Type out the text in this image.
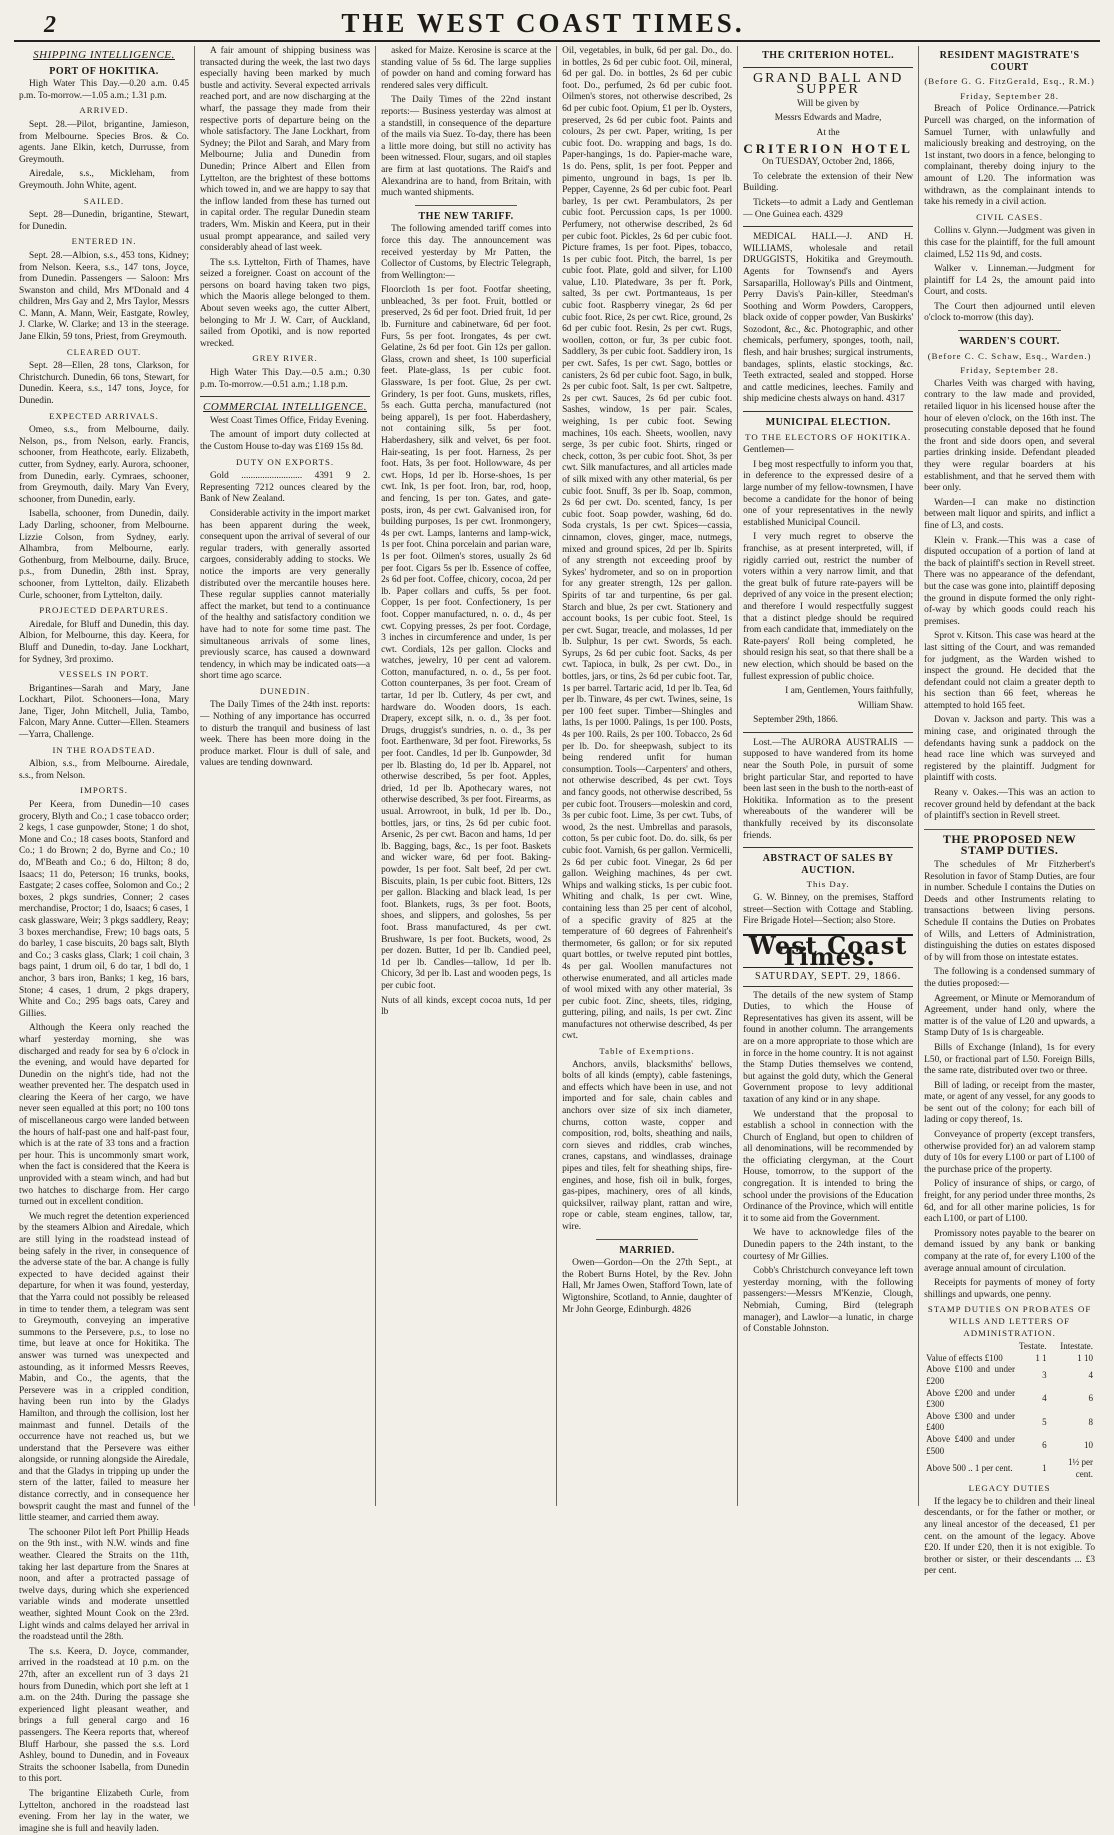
2	THE WEST COAST TIMES.
SHIPPING INTELLIGENCE.
PORT OF HOKITIKA.

High Water This Day.—0.20 a.m. 0.45 p.m. To-morrow.—1.05 a.m.; 1.31 p.m.

ARRIVED.

Sept. 28.—Pilot, brigantine, Jamieson, from Melbourne. Species Bros. & Co. agents. Jane Elkin, ketch, Durrusse, from Greymouth.

Airedale, s.s., Mickleham, from Greymouth. John White, agent.

SAILED.

Sept. 28—Dunedin, brigantine, Stewart, for Dunedin.

ENTERED IN.

Sept. 28.—Albion, s.s., 453 tons, Kidney; from Nelson. Keera, s.s., 147 tons, Joyce, from Dunedin. Passengers — Saloon: Mrs Swanston and child, Mrs M'Donald and 4 children, Mrs Gay and 2, Mrs Taylor, Messrs C. Mann, A. Mann, Weir, Eastgate, Rowley, J. Clarke, W. Clarke; and 13 in the steerage. Jane Elkin, 59 tons, Priest, from Greymouth.

CLEARED OUT.

Sept. 28—Ellen, 28 tons, Clarkson, for Christchurch. Dunedin, 66 tons, Stewart, for Dunedin. Keera, s.s., 147 tons, Joyce, for Dunedin.

EXPECTED ARRIVALS.

Omeo, s.s., from Melbourne, daily. Nelson, ps., from Nelson, early. Francis, schooner, from Heathcote, early. Elizabeth, cutter, from Sydney, early. Aurora, schooner, from Dunedin, early. Cymraes, schooner, from Greymouth, daily. Mary Van Every, schooner, from Dunedin, early.

Isabella, schooner, from Dunedin, daily. Lady Darling, schooner, from Melbourne. Lizzie Colson, from Sydney, early. Alhambra, from Melbourne, early. Gothenburg, from Melbourne, daily. Bruce, p.s., from Dunedin, 28th inst. Spray, schooner, from Lyttelton, daily. Elizabeth Curle, schooner, from Lyttelton, daily.

PROJECTED DEPARTURES.

Airedale, for Bluff and Dunedin, this day. Albion, for Melbourne, this day. Keera, for Bluff and Dunedin, to-day. Jane Lockhart, for Sydney, 3rd proximo.

VESSELS IN PORT.

Brigantines—Sarah and Mary, Jane Lockhart, Pilot. Schooners—Iona, Mary Jane, Tiger, John Mitchell, Julia, Tambo, Falcon, Mary Anne. Cutter—Ellen. Steamers—Yarra, Challenge.

IN THE ROADSTEAD.

Albion, s.s., from Melbourne. Airedale, s.s., from Nelson.

IMPORTS.

Per Keera, from Dunedin—10 cases grocery, Blyth and Co.; 1 case tobacco order; 2 kegs, 1 case gunpowder, Stone; 1 do shot, Mone and Co.; 18 cases boots, Stanford and Co.; 1 do Brown; 2 do, Byrne and Co.; 10 do, M'Beath and Co.; 6 do, Hilton; 8 do, Isaacs; 11 do, Peterson; 16 trunks, books, Eastgate; 2 cases coffee, Solomon and Co.; 2 boxes, 2 pkgs sundries, Conner; 2 cases merchandise, Proctor; 1 do, Isaacs; 6 cases, 1 cask glassware, Weir; 3 pkgs saddlery, Reay; 3 boxes merchandise, Frew; 10 bags oats, 5 do barley, 1 case biscuits, 20 bags salt, Blyth and Co.; 3 casks glass, Clark; 1 coil chain, 3 bags paint, 1 drum oil, 6 do tar, 1 bdl do, 1 anchor, 3 bars iron, Banks; 1 keg, 16 bars, Stone; 4 cases, 1 drum, 2 pkgs drapery, White and Co.; 295 bags oats, Carey and Gillies.

Although the Keera only reached the wharf yesterday morning, she was discharged and ready for sea by 6 o'clock in the evening, and would have departed for Dunedin on the night's tide, had not the weather prevented her. The despatch used in clearing the Keera of her cargo, we have never seen equalled at this port; no 100 tons of miscellaneous cargo were landed between the hours of half-past one and half-past four, which is at the rate of 33 tons and a fraction per hour. This is uncommonly smart work, when the fact is considered that the Keera is unprovided with a steam winch, and had but two hatches to discharge from. Her cargo turned out in excellent condition.

We much regret the detention experienced by the steamers Albion and Airedale, which are still lying in the roadstead instead of being safely in the river, in consequence of the adverse state of the bar. A change is fully expected to have decided against their departure, for when it was found, yesterday, that the Yarra could not possibly be released in time to tender them, a telegram was sent to Greymouth, conveying an imperative summons to the Persevere, p.s., to lose no time, but leave at once for Hokitika. The answer was turned was unexpected and astounding, as it informed Messrs Reeves, Mabin, and Co., the agents, that the Persevere was in a crippled condition, having been run into by the Gladys Hamilton, and through the collision, lost her mainmast and funnel. Details of the occurrence have not reached us, but we understand that the Persevere was either alongside, or running alongside the Airedale, and that the Gladys in tripping up under the stern of the latter, failed to measure her distance correctly, and in consequence her bowsprit caught the mast and funnel of the little steamer, and carried them away.

The schooner Pilot left Port Phillip Heads on the 9th inst., with N.W. winds and fine weather. Cleared the Straits on the 11th, taking her last departure from the Snares at noon, and after a protracted passage of twelve days, during which she experienced variable winds and moderate unsettled weather, sighted Mount Cook on the 23rd. Light winds and calms delayed her arrival in the roadstead until the 28th.

The s.s. Keera, D. Joyce, commander, arrived in the roadstead at 10 p.m. on the 27th, after an excellent run of 3 days 21 hours from Dunedin, which port she left at 1 a.m. on the 24th. During the passage she experienced light pleasant weather, and brings a full general cargo and 16 passengers. The Keera reports that, whereof Bluff Harbour, she passed the s.s. Lord Ashley, bound to Dunedin, and in Foveaux Straits the schooner Isabella, from Dunedin to this port.

The brigantine Elizabeth Curle, from Lyttelton, anchored in the roadstead last evening. From her lay in the water, we imagine she is full and heavily laden.

A fair amount of shipping business was transacted during the week, the last two days especially having been marked by much bustle and activity. Several expected arrivals reached port, and are now discharging at the wharf, the passage they made from their respective ports of departure being on the whole satisfactory. The Jane Lockhart, from Sydney; the Pilot and Sarah, and Mary from Melbourne; Julia and Dunedin from Dunedin; Prince Albert and Ellen from Lyttelton, are the brightest of these bottoms which towed in, and we are happy to say that the inflow landed from these has turned out in capital order. The regular Dunedin steam traders, Wm. Miskin and Keera, put in their usual prompt appearance, and sailed very considerably ahead of last week.

The s.s. Lyttelton, Firth of Thames, have seized a foreigner. Coast on account of the persons on board having taken two pigs, which the Maoris allege belonged to them. About seven weeks ago, the cutter Albert, belonging to Mr J. W. Carr, of Auckland, sailed from Opotiki, and is now reported wrecked.

GREY RIVER.

High Water This Day.—0.5 a.m.; 0.30 p.m. To-morrow.—0.51 a.m.; 1.18 p.m.

COMMERCIAL INTELLIGENCE.

West Coast Times Office, Friday Evening.

The amount of import duty collected at the Custom House to-day was £169 15s 8d.

DUTY ON EXPORTS.

Gold .......................... 4391 9 2. Representing 7212 ounces cleared by the Bank of New Zealand.

Considerable activity in the import market has been apparent during the week, consequent upon the arrival of several of our regular traders, with generally assorted cargoes, considerably adding to stocks. We notice the imports are very generally distributed over the mercantile houses here. These regular supplies cannot materially affect the market, but tend to a continuance of the healthy and satisfactory condition we have had to note for some time past. The simultaneous arrivals of some lines, previously scarce, has caused a downward tendency, in which may be indicated oats—a short time ago scarce.

DUNEDIN.

The Daily Times of the 24th inst. reports:— Nothing of any importance has occurred to disturb the tranquil and business of last week. There has been more doing in the produce market. Flour is dull of sale, and values are tending downward.

asked for Maize. Kerosine is scarce at the standing value of 5s 6d. The large supplies of powder on hand and coming forward has rendered sales very difficult.

The Daily Times of the 22nd instant reports:— Business yesterday was almost at a standstill, in consequence of the departure of the mails via Suez. To-day, there has been a little more doing, but still no activity has been witnessed. Flour, sugars, and oil staples are firm at last quotations. The Raid's and Alexandrina are to hand, from Britain, with much wanted shipments.

THE NEW TARIFF.

The following amended tariff comes into force this day. The announcement was received yesterday by Mr Patten, the Collector of Customs, by Electric Telegraph, from Wellington:—

Floorcloth 1s per foot. Footfar sheeting, unbleached, 3s per foot. Fruit, bottled or preserved, 2s 6d per foot. Dried fruit, 1d per lb. Furniture and cabinetware, 6d per foot. Furs, 5s per foot. Irongates, 4s per cwt. Gelatine, 2s 6d per foot. Gin 12s per gallon. Glass, crown and sheet, 1s 100 superficial feet. Plate-glass, 1s per cubic foot. Glassware, 1s per foot. Glue, 2s per cwt. Grindery, 1s per foot. Guns, muskets, rifles, 5s each. Gutta percha, manufactured (not being apparel), 1s per foot. Haberdashery, not containing silk, 5s per foot. Haberdashery, silk and velvet, 6s per foot. Hair-seating, 1s per foot. Harness, 2s per foot. Hats, 3s per foot. Hollowware, 4s per cwt. Hops, 1d per lb. Horse-shoes, 1s per cwt. Ink, 1s per foot. Iron, bar, rod, hoop, and fencing, 1s per ton. Gates, and gate-posts, iron, 4s per cwt. Galvanised iron, for building purposes, 1s per cwt. Ironmongery, 4s per cwt. Lamps, lanterns and lamp-wick, 1s per foot. China porcelain and parian ware, 1s per foot. Oilmen's stores, usually 2s 6d per foot. Cigars 5s per lb. Essence of coffee, 2s 6d per foot. Coffee, chicory, cocoa, 2d per lb. Paper collars and cuffs, 5s per foot. Copper, 1s per foot. Confectionery, 1s per foot. Copper manufactured, n. o. d., 4s per cwt. Copying presses, 2s per foot. Cordage, 3 inches in circumference and under, 1s per cwt. Cordials, 12s per gallon. Clocks and watches, jewelry, 10 per cent ad valorem. Cotton, manufactured, n. o. d., 5s per foot. Cotton counterpanes, 3s per foot. Cream of tartar, 1d per lb. Cutlery, 4s per cwt, and hardware do. Wooden doors, 1s each. Drapery, except silk, n. o. d., 3s per foot. Drugs, druggist's sundries, n. o. d., 3s per foot. Earthenware, 3d per foot. Fireworks, 5s per foot. Candles, 1d per lb. Gunpowder, 3d per lb. Blasting do, 1d per lb. Apparel, not otherwise described, 5s per foot. Apples, dried, 1d per lb. Apothecary wares, not otherwise described, 3s per foot. Firearms, as usual. Arrowroot, in bulk, 1d per lb. Do., bottles, jars, or tins, 2s 6d per cubic foot. Arsenic, 2s per cwt. Bacon and hams, 1d per lb. Bagging, bags, &c., 1s per foot. Baskets and wicker ware, 6d per foot. Baking-powder, 1s per foot. Salt beef, 2d per cwt. Biscuits, plain, 1s per cubic foot. Bitters, 12s per gallon. Blacking and black lead, 1s per foot. Blankets, rugs, 3s per foot. Boots, shoes, and slippers, and goloshes, 5s per foot. Brass manufactured, 4s per cwt. Brushware, 1s per foot. Buckets, wood, 2s per dozen. Butter, 1d per lb. Candied peel, 1d per lb. Candles—tallow, 1d per lb. Chicory, 3d per lb. Last and wooden pegs, 1s per cubic foot.

Nuts of all kinds, except cocoa nuts, 1d per lb

Oil, vegetables, in bulk, 6d per gal. Do., do. in bottles, 2s 6d per cubic foot. Oil, mineral, 6d per gal. Do. in bottles, 2s 6d per cubic foot. Do., perfumed, 2s 6d per cubic foot. Oilmen's stores, not otherwise described, 2s 6d per cubic foot. Opium, £1 per lb. Oysters, preserved, 2s 6d per cubic foot. Paints and colours, 2s per cwt. Paper, writing, 1s per cubic foot. Do. wrapping and bags, 1s do. Paper-hangings, 1s do. Papier-mache ware, 1s do. Pens, split, 1s per foot. Pepper and pimento, unground in bags, 1s per lb. Pepper, Cayenne, 2s 6d per cubic foot. Pearl barley, 1s per cwt. Perambulators, 2s per cubic foot. Percussion caps, 1s per 1000. Perfumery, not otherwise described, 2s 6d per cubic foot. Pickles, 2s 6d per cubic foot. Picture frames, 1s per foot. Pipes, tobacco, 1s per cubic foot. Pitch, the barrel, 1s per cubic foot. Plate, gold and silver, for L100 value, L10. Platedware, 3s per ft. Pork, salted, 3s per cwt. Portmanteaus, 1s per cubic foot. Raspberry vinegar, 2s 6d per cubic foot. Rice, 2s per cwt. Rice, ground, 2s 6d per cubic foot. Resin, 2s per cwt. Rugs, woollen, cotton, or fur, 3s per cubic foot. Saddlery, 3s per cubic foot. Saddlery iron, 1s per cwt. Safes, 1s per cwt. Sago, bottles or canisters, 2s 6d per cubic foot. Sago, in bulk, 2s per cubic foot. Salt, 1s per cwt. Saltpetre, 2s per cwt. Sauces, 2s 6d per cubic foot. Sashes, window, 1s per pair. Scales, weighing, 1s per cubic foot. Sewing machines, 10s each. Sheets, woollen, navy serge, 3s per cubic foot. Shirts, ringed or check, cotton, 3s per cubic foot. Shot, 3s per cwt. Silk manufactures, and all articles made of silk mixed with any other material, 6s per cubic foot. Snuff, 3s per lb. Soap, common, 2s 6d per cwt. Do. scented, fancy, 1s per cubic foot. Soap powder, washing, 6d do. Soda crystals, 1s per cwt. Spices—cassia, cinnamon, cloves, ginger, mace, nutmegs, mixed and ground spices, 2d per lb. Spirits of any strength not exceeding proof by Sykes' hydrometer, and so on in proportion for any greater strength, 12s per gallon. Spirits of tar and turpentine, 6s per gal. Starch and blue, 2s per cwt. Stationery and account books, 1s per cubic foot. Steel, 1s per cwt. Sugar, treacle, and molasses, 1d per lb. Sulphur, 1s per cwt. Swords, 5s each. Syrups, 2s 6d per cubic foot. Sacks, 4s per cwt. Tapioca, in bulk, 2s per cwt. Do., in bottles, jars, or tins, 2s 6d per cubic foot. Tar, 1s per barrel. Tartaric acid, 1d per lb. Tea, 6d per lb. Tinware, 4s per cwt. Twines, seine, 1s per 100 feet super. Timber—Shingles and laths, 1s per 1000. Palings, 1s per 100. Posts, 4s per 100. Rails, 2s per 100. Tobacco, 2s 6d per lb. Do. for sheepwash, subject to its being rendered unfit for human consumption. Tools—Carpenters' and others, not otherwise described, 4s per cwt. Toys and fancy goods, not otherwise described, 5s per cubic foot. Trousers—moleskin and cord, 3s per cubic foot. Lime, 3s per cwt. Tubs, of wood, 2s the nest. Umbrellas and parasols, cotton, 5s per cubic foot. Do. do. silk, 6s per cubic foot. Varnish, 6s per gallon. Vermicelli, 2s 6d per cubic foot. Vinegar, 2s 6d per gallon. Weighing machines, 4s per cwt. Whips and walking sticks, 1s per cubic foot. Whiting and chalk, 1s per cwt. Wine, containing less than 25 per cent of alcohol, of a specific gravity of 825 at the temperature of 60 degrees of Fahrenheit's thermometer, 6s gallon; or for six reputed quart bottles, or twelve reputed pint bottles, 4s per gal. Woollen manufactures not otherwise enumerated, and all articles made of wool mixed with any other material, 3s per cubic foot. Zinc, sheets, tiles, ridging, guttering, piling, and nails, 1s per cwt. Zinc manufactures not otherwise described, 4s per cwt.

Table of Exemptions.

Anchors, anvils, blacksmiths' bellows, bolts of all kinds (empty), cable fastenings, and effects which have been in use, and not imported and for sale, chain cables and anchors over size of six inch diameter, churns, cotton waste, copper and composition, rod, bolts, sheathing and nails, corn sieves and riddles, crab winches, cranes, capstans, and windlasses, drainage pipes and tiles, felt for sheathing ships, fire-engines, and hose, fish oil in bulk, forges, gas-pipes, machinery, ores of all kinds, quicksilver, railway plant, rattan and wire, rope or cable, steam engines, tallow, tar, wire.

MARRIED.

Owen—Gordon—On the 27th Sept., at the Robert Burns Hotel, by the Rev. John Hall, Mr James Owen, Stafford Town, late of Wigtonshire, Scotland, to Annie, daughter of Mr John George, Edinburgh. 4826

THE CRITERION HOTEL.

GRAND BALL AND SUPPER

Will be given by

Messrs Edwards and Madre,

At the

CRITERION HOTEL

On TUESDAY, October 2nd, 1866,

To celebrate the extension of their New Building.

Tickets—to admit a Lady and Gentleman— One Guinea each. 4329

MEDICAL HALL—J. AND H. WILLIAMS, wholesale and retail DRUGGISTS, Hokitika and Greymouth. Agents for Townsend's and Ayers Sarsaparilla, Holloway's Pills and Ointment, Perry Davis's Pain-killer, Steedman's Soothing and Worm Powders, Caroppers, black oxide of copper powder, Van Buskirks' Sozodont, &c., &c. Photographic, and other chemicals, perfumery, sponges, tooth, nail, flesh, and hair brushes; surgical instruments, bandages, splints, elastic stockings, &c. Teeth extracted, sealed and stopped. Horse and cattle medicines, leeches. Family and ship medicine chests always on hand. 4317

MUNICIPAL ELECTION.
TO THE ELECTORS OF HOKITIKA.

Gentlemen—

I beg most respectfully to inform you that, in deference to the expressed desire of a large number of my fellow-townsmen, I have become a candidate for the honor of being one of your representatives in the newly established Municipal Council.

I very much regret to observe the franchise, as at present interpreted, will, if rigidly carried out, restrict the number of voters within a very narrow limit, and that the great bulk of future rate-payers will be deprived of any voice in the present election; and therefore I would respectfully suggest that a distinct pledge should be required from each candidate that, immediately on the Rate-payers' Roll being completed, he should resign his seat, so that there shall be a new election, which should be based on the fullest expression of public choice.

I am, Gentlemen, Yours faithfully,

William Shaw.

September 29th, 1866.

Lost.—The AURORA AUSTRALIS —supposed to have wandered from its home near the South Pole, in pursuit of some bright particular Star, and reported to have been last seen in the bush to the north-east of Hokitika. Information as to the present whereabouts of the wanderer will be thankfully received by its disconsolate friends.

ABSTRACT OF SALES BY AUCTION.
This Day.

G. W. Binney, on the premises, Stafford street—Section with Cottage and Stabling. Fire Brigade Hotel—Section; also Store.

West Coast Times.
SATURDAY, SEPT. 29, 1866.

The details of the new system of Stamp Duties, to which the House of Representatives has given its assent, will be found in another column. The arrangements are on a more appropriate to those which are in force in the home country. It is not against the Stamp Duties themselves we contend, but against the gold duty, which the General Government propose to levy additional taxation of any kind or in any shape.

We understand that the proposal to establish a school in connection with the Church of England, but open to children of all denominations, will be recommended by the officiating clergyman, at the Court House, tomorrow, to the support of the congregation. It is intended to bring the school under the provisions of the Education Ordinance of the Province, which will entitle it to some aid from the Government.

We have to acknowledge files of the Dunedin papers to the 24th instant, to the courtesy of Mr Gillies.

Cobb's Christchurch conveyance left town yesterday morning, with the following passengers:—Messrs M'Kenzie, Clough, Nebmiah, Cuming, Bird (telegraph manager), and Lawlor—a lunatic, in charge of Constable Johnston.

RESIDENT MAGISTRATE'S COURT
(Before G. G. FitzGerald, Esq., R.M.)
Friday, September 28.

Breach of Police Ordinance.—Patrick Purcell was charged, on the information of Samuel Turner, with unlawfully and maliciously breaking and destroying, on the 1st instant, two doors in a fence, belonging to complainant, thereby doing injury to the amount of L20. The information was withdrawn, as the complainant intends to take his remedy in a civil action.

CIVIL CASES.

Collins v. Glynn.—Judgment was given in this case for the plaintiff, for the full amount claimed, L52 11s 9d, and costs.

Walker v. Linneman.—Judgment for plaintiff for L4 2s, the amount paid into Court, and costs.

The Court then adjourned until eleven o'clock to-morrow (this day).

WARDEN'S COURT.
(Before C. C. Schaw, Esq., Warden.)
Friday, September 28.

Charles Veith was charged with having, contrary to the law made and provided, retailed liquor in his licensed house after the hour of eleven o'clock, on the 16th inst. The prosecuting constable deposed that he found the front and side doors open, and several parties drinking inside. Defendant pleaded they were regular boarders at his establishment, and that he served them with beer only.

Warden—I can make no distinction between malt liquor and spirits, and inflict a fine of L3, and costs.

Klein v. Frank.—This was a case of disputed occupation of a portion of land at the back of plaintiff's section in Revell street. There was no appearance of the defendant, but the case was gone into, plaintiff deposing the ground in dispute formed the only right-of-way by which goods could reach his premises.

Sprot v. Kitson. This case was heard at the last sitting of the Court, and was remanded for judgment, as the Warden wished to inspect the ground. He decided that the defendant could not claim a greater depth to his section than 66 feet, whereas he attempted to hold 165 feet.

Dovan v. Jackson and party. This was a mining case, and originated through the defendants having sunk a paddock on the head race line which was surveyed and registered by the plaintiff. Judgment for plaintiff with costs.

Reany v. Oakes.—This was an action to recover ground held by defendant at the back of plaintiff's section in Revell street.

THE PROPOSED NEW STAMP DUTIES.

The schedules of Mr Fitzherbert's Resolution in favor of Stamp Duties, are four in number. Schedule I contains the Duties on Deeds and other Instruments relating to transactions between living persons. Schedule II contains the Duties on Probates of Wills, and Letters of Administration, distinguishing the duties on estates disposed of by will from those on intestate estates.

The following is a condensed summary of the duties proposed:—

Agreement, or Minute or Memorandum of Agreement, under hand only, where the matter is of the value of L20 and upwards, a Stamp Duty of 1s is chargeable.

Bills of Exchange (Inland), 1s for every L50, or fractional part of L50. Foreign Bills, the same rate, distributed over two or three.

Bill of lading, or receipt from the master, mate, or agent of any vessel, for any goods to be sent out of the colony; for each bill of lading or copy thereof, 1s.

Conveyance of property (except transfers, otherwise provided for) an ad valorem stamp duty of 10s for every L100 or part of L100 of the purchase price of the property.

Policy of insurance of ships, or cargo, of freight, for any period under three months, 2s 6d, and for all other marine policies, 1s for each L100, or part of L100.

Promissory notes payable to the bearer on demand issued by any bank or banking company at the rate of, for every L100 of the average annual amount of circulation.

Receipts for payments of money of forty shillings and upwards, one penny.

STAMP DUTIES ON PROBATES OF WILLS AND LETTERS OF ADMINISTRATION.
	Testate.	Intestate.
Value of effects £100	1 1	1 10
Above £100 and under £200	3	4
Above £200 and under £300	4	6
Above £300 and under £400	5	8
Above £400 and under £500	6	10
Above 500 .. 1 per cent.	1	1½ per cent.
LEGACY DUTIES

If the legacy be to children and their lineal descendants, or for the father or mother, or any lineal ancestor of the deceased, £1 per cent. on the amount of the legacy. Above £20. If under £20, then it is not exigible. To brother or sister, or their descendants ... £3 per cent.
